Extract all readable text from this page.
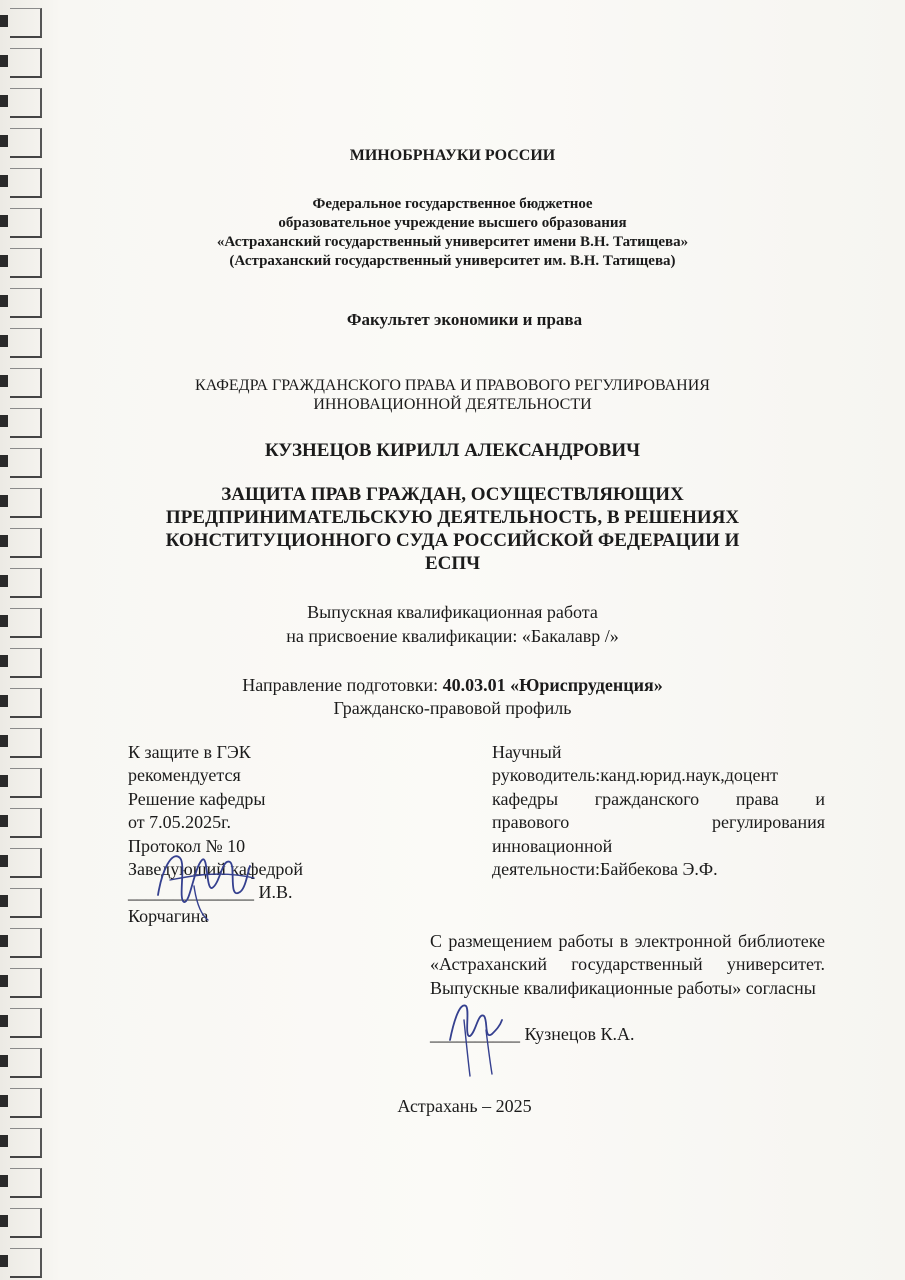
МИНОБРНАУКИ РОССИИ
Федеральное государственное бюджетное
образовательное учреждение высшего образования
«Астраханский государственный университет имени В.Н. Татищева»
(Астраханский государственный университет им. В.Н. Татищева)
Факультет экономики и права
КАФЕДРА ГРАЖДАНСКОГО ПРАВА И ПРАВОВОГО РЕГУЛИРОВАНИЯ
ИННОВАЦИОННОЙ ДЕЯТЕЛЬНОСТИ
КУЗНЕЦОВ КИРИЛЛ АЛЕКСАНДРОВИЧ
ЗАЩИТА ПРАВ ГРАЖДАН, ОСУЩЕСТВЛЯЮЩИХ
ПРЕДПРИНИМАТЕЛЬСКУЮ ДЕЯТЕЛЬНОСТЬ, В РЕШЕНИЯХ
КОНСТИТУЦИОННОГО СУДА РОССИЙСКОЙ ФЕДЕРАЦИИ И
ЕСПЧ
Выпускная квалификационная работа
на присвоение квалификации: «Бакалавр /»
Направление подготовки: 40.03.01 «Юриспруденция»
Гражданско-правовой профиль
К защите в ГЭК
рекомендуется
Решение кафедры
от 7.05.2025г.
Протокол № 10
Заведующий кафедрой
______________ И.В.
Корчагина
Научный
руководитель:канд.юрид.наук,доцент
кафедры гражданского права и
правового регулирования
инновационной
деятельности:Байбекова Э.Ф.
С размещением работы в электронной библиотеке «Астраханский государственный университет. Выпускные квалификационные работы» согласны
__________ Кузнецов К.А.
Астрахань – 2025
